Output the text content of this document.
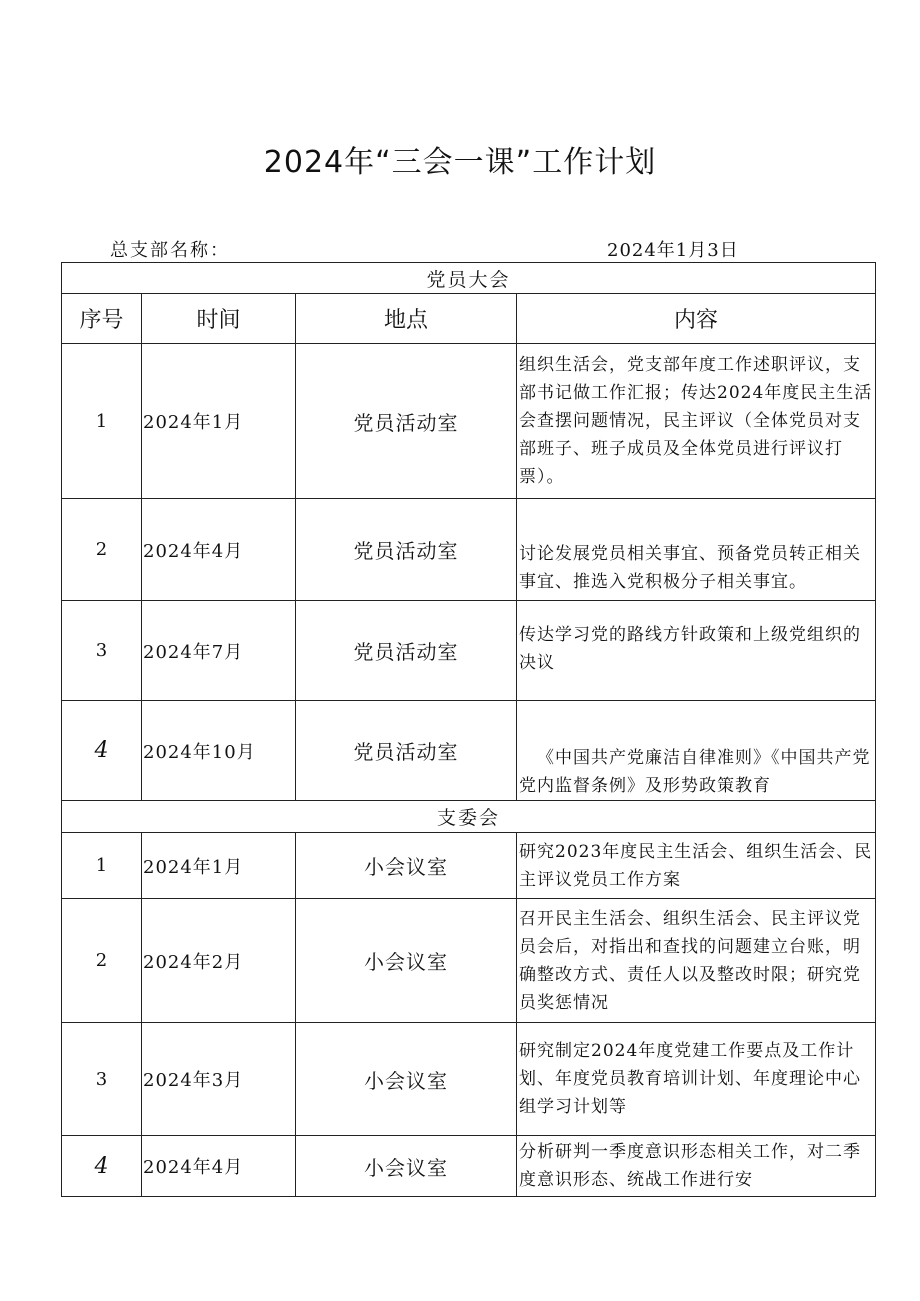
2024年“三会一课”工作计划
总支部名称：	2024年1月3日
党员大会			
序号	时间	地点	内容
1	2024年1月	党员活动室	组织生活会，党支部年度工作述职评议，支部书记做工作汇报；传达2024年度民主生活会查摆问题情况，民主评议（全体党员对支部班子、班子成员及全体党员进行评议打票）。
2	2024年4月	党员活动室	讨论发展党员相关事宜、预备党员转正相关事宜、推选入党积极分子相关事宜。
3	2024年7月	党员活动室	传达学习党的路线方针政策和上级党组织的决议
4	2024年10月	党员活动室	《中国共产党廉洁自律准则》《中国共产党党内监督条例》及形势政策教育
支委会			
1	2024年1月	小会议室	研究2023年度民主生活会、组织生活会、民主评议党员工作方案
2	2024年2月	小会议室	召开民主生活会、组织生活会、民主评议党员会后，对指出和查找的问题建立台账，明确整改方式、责任人以及整改时限；研究党员奖惩情况
3	2024年3月	小会议室	研究制定2024年度党建工作要点及工作计划、年度党员教育培训计划、年度理论中心组学习计划等
4	2024年4月	小会议室	分析研判一季度意识形态相关工作，对二季度意识形态、统战工作进行安
